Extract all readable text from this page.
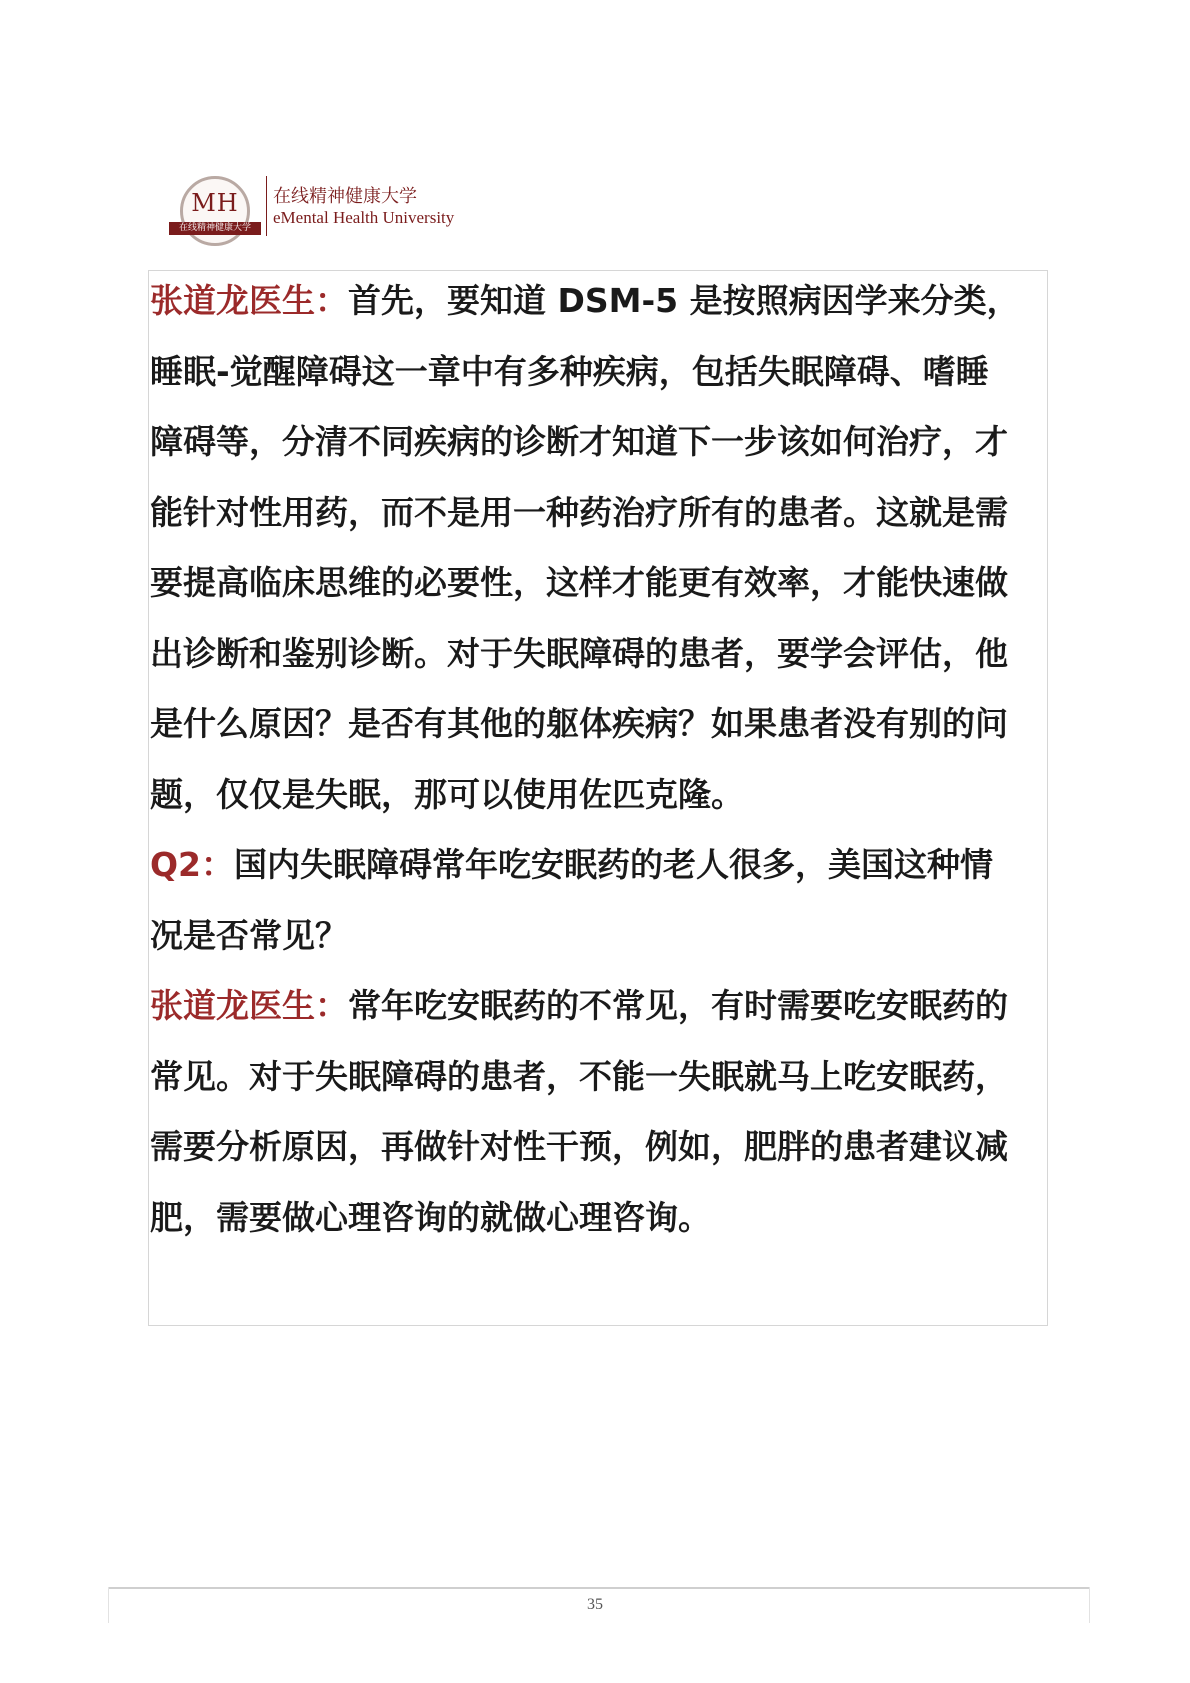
MH
在线精神健康大学
在线精神健康大学
eMental Health University

张道龙医生：首先，要知道 DSM-5 是按照病因学来分类，睡眠-觉醒障碍这一章中有多种疾病，包括失眠障碍、嗜睡障碍等，分清不同疾病的诊断才知道下一步该如何治疗，才能针对性用药，而不是用一种药治疗所有的患者。这就是需要提高临床思维的必要性，这样才能更有效率，才能快速做出诊断和鉴别诊断。对于失眠障碍的患者，要学会评估，他是什么原因？是否有其他的躯体疾病？如果患者没有别的问题，仅仅是失眠，那可以使用佐匹克隆。

Q2：国内失眠障碍常年吃安眠药的老人很多，美国这种情况是否常见？

张道龙医生：常年吃安眠药的不常见，有时需要吃安眠药的常见。对于失眠障碍的患者，不能一失眠就马上吃安眠药，需要分析原因，再做针对性干预，例如，肥胖的患者建议减肥，需要做心理咨询的就做心理咨询。

35
